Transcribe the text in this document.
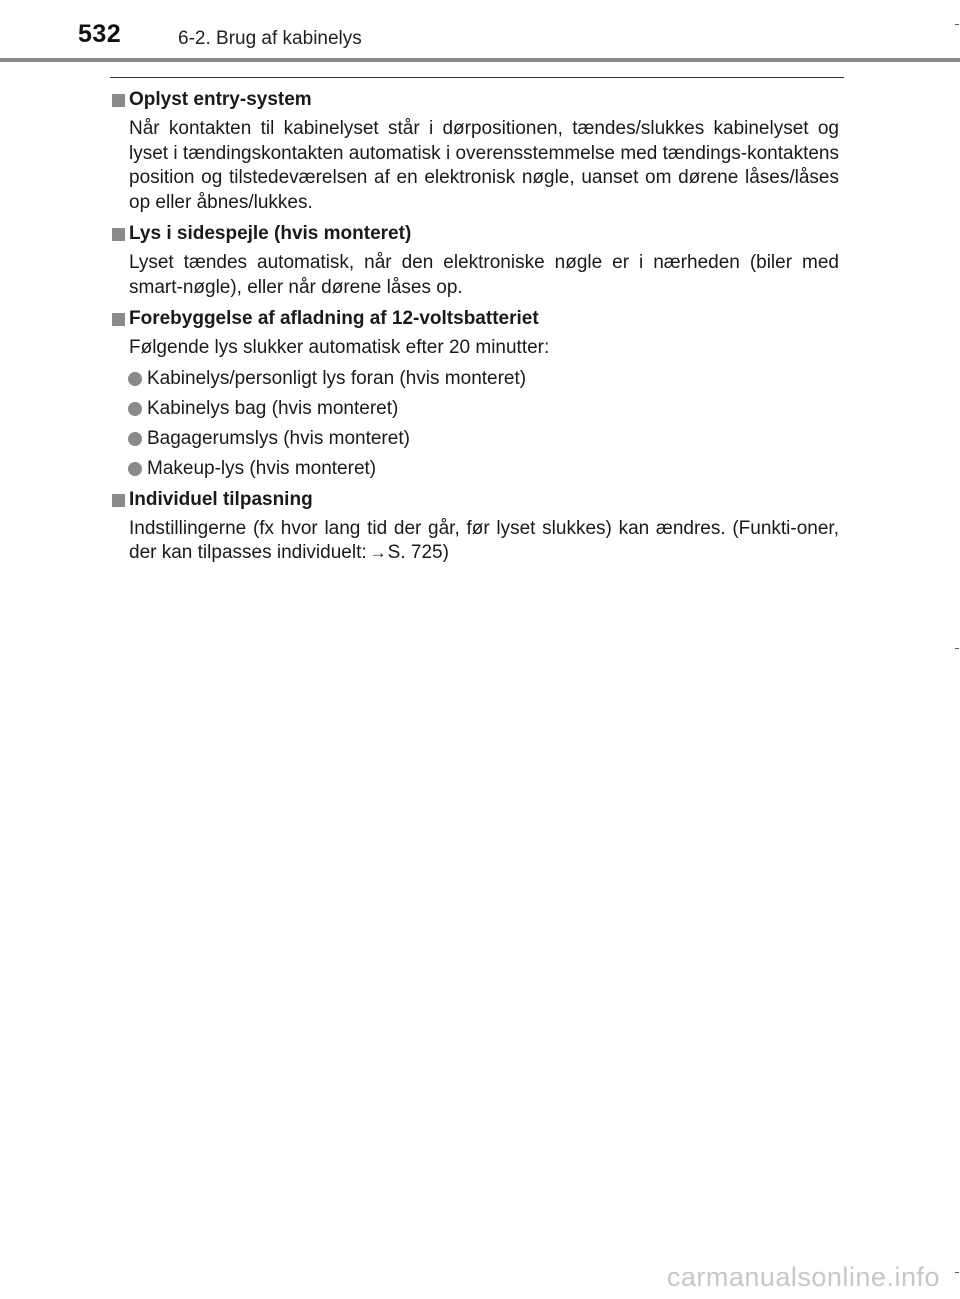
532	6-2. Brug af kabinelys
Oplyst entry-system
Når kontakten til kabinelyset står i dørpositionen, tændes/slukkes kabinelyset og lyset i tændingskontakten automatisk i overensstemmelse med tændings-kontaktens position og tilstedeværelsen af en elektronisk nøgle, uanset om dørene låses/låses op eller åbnes/lukkes.
Lys i sidespejle (hvis monteret)
Lyset tændes automatisk, når den elektroniske nøgle er i nærheden (biler med smart-nøgle), eller når dørene låses op.
Forebyggelse af afladning af 12-voltsbatteriet
Følgende lys slukker automatisk efter 20 minutter:
Kabinelys/personligt lys foran (hvis monteret)
Kabinelys bag (hvis monteret)
Bagagerumslys (hvis monteret)
Makeup-lys (hvis monteret)
Individuel tilpasning
Indstillingerne (fx hvor lang tid der går, før lyset slukkes) kan ændres. (Funkti-oner, der kan tilpasses individuelt: →S. 725)
carmanualsonline.info
